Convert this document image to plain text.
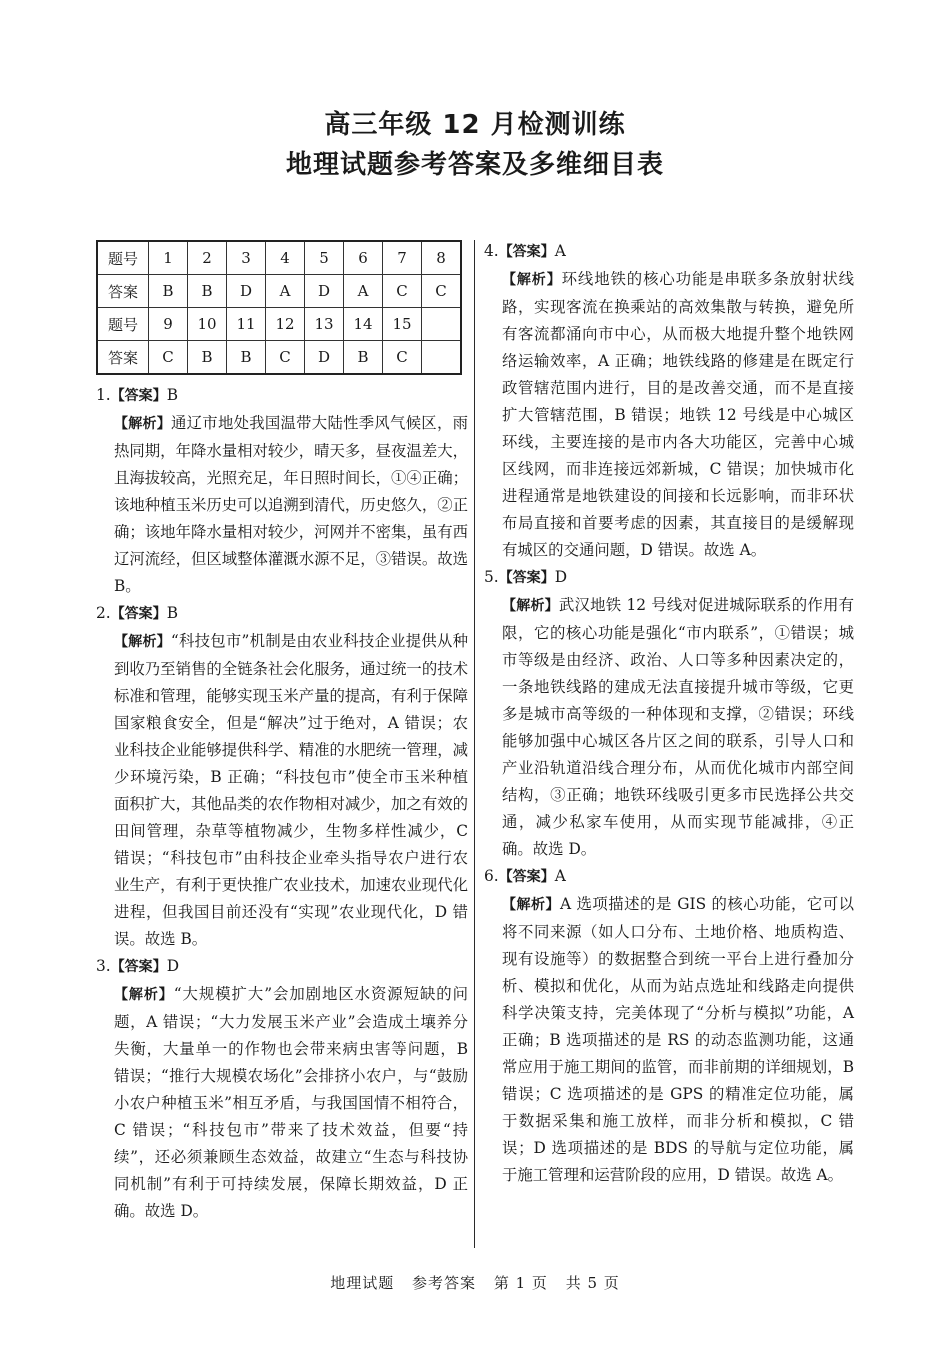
高三年级 12 月检测训练
地理试题参考答案及多维细目表
题号	1	2	3	4	5	6	7	8
答案	B	B	D	A	D	A	C	C
题号	9	10	11	12	13	14	15	
答案	C	B	B	C	D	B	C	

1.【答案】B

【解析】通辽市地处我国温带大陆性季风气候区，雨热同期，年降水量相对较少，晴天多，昼夜温差大，且海拔较高，光照充足，年日照时间长，①④正确；该地种植玉米历史可以追溯到清代，历史悠久，②正确；该地年降水量相对较少，河网并不密集，虽有西辽河流经，但区域整体灌溉水源不足，③错误。故选 B。

2.【答案】B

【解析】“科技包市”机制是由农业科技企业提供从种到收乃至销售的全链条社会化服务，通过统一的技术标准和管理，能够实现玉米产量的提高，有利于保障国家粮食安全，但是“解决”过于绝对，A 错误；农业科技企业能够提供科学、精准的水肥统一管理，减少环境污染，B 正确；“科技包市”使全市玉米种植面积扩大，其他品类的农作物相对减少，加之有效的田间管理，杂草等植物减少，生物多样性减少，C 错误；“科技包市”由科技企业牵头指导农户进行农业生产，有利于更快推广农业技术，加速农业现代化进程，但我国目前还没有“实现”农业现代化，D 错误。故选 B。

3.【答案】D

【解析】“大规模扩大”会加剧地区水资源短缺的问题，A 错误；“大力发展玉米产业”会造成土壤养分失衡，大量单一的作物也会带来病虫害等问题，B 错误；“推行大规模农场化”会排挤小农户，与“鼓励小农户种植玉米”相互矛盾，与我国国情不相符合，C 错误；“科技包市”带来了技术效益，但要“持续”，还必须兼顾生态效益，故建立“生态与科技协同机制”有利于可持续发展，保障长期效益，D 正确。故选 D。

4.【答案】A

【解析】环线地铁的核心功能是串联多条放射状线路，实现客流在换乘站的高效集散与转换，避免所有客流都涌向市中心，从而极大地提升整个地铁网络运输效率，A 正确；地铁线路的修建是在既定行政管辖范围内进行，目的是改善交通，而不是直接扩大管辖范围，B 错误；地铁 12 号线是中心城区环线，主要连接的是市内各大功能区，完善中心城区线网，而非连接远郊新城，C 错误；加快城市化进程通常是地铁建设的间接和长远影响，而非环状布局直接和首要考虑的因素，其直接目的是缓解现有城区的交通问题，D 错误。故选 A。

5.【答案】D

【解析】武汉地铁 12 号线对促进城际联系的作用有限，它的核心功能是强化“市内联系”，①错误；城市等级是由经济、政治、人口等多种因素决定的，一条地铁线路的建成无法直接提升城市等级，它更多是城市高等级的一种体现和支撑，②错误；环线能够加强中心城区各片区之间的联系，引导人口和产业沿轨道沿线合理分布，从而优化城市内部空间结构，③正确；地铁环线吸引更多市民选择公共交通，减少私家车使用，从而实现节能减排，④正确。故选 D。

6.【答案】A

【解析】A 选项描述的是 GIS 的核心功能，它可以将不同来源（如人口分布、土地价格、地质构造、现有设施等）的数据整合到统一平台上进行叠加分析、模拟和优化，从而为站点选址和线路走向提供科学决策支持，完美体现了“分析与模拟”功能，A 正确；B 选项描述的是 RS 的动态监测功能，这通常应用于施工期间的监管，而非前期的详细规划，B 错误；C 选项描述的是 GPS 的精准定位功能，属于数据采集和施工放样，而非分析和模拟，C 错误；D 选项描述的是 BDS 的导航与定位功能，属于施工管理和运营阶段的应用，D 错误。故选 A。

地理试题 参考答案 第 1 页 共 5 页
